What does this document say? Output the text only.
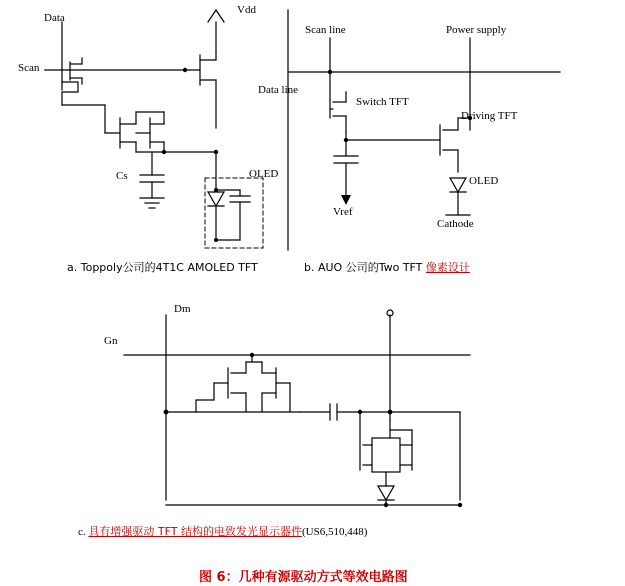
Data
Vdd
Scan
Cs	OLED
a. Toppoly公司的4T1C AMOLED TFT
Scan line	Power supply
Data line
Switch TFT
Driving TFT
OLED
Vref
Cathode
b. AUO 公司的Two TFT 像素设计
Dm
Gn
c. 具有增强驱动 TFT 结构的电致发光显示器件(US6,510,448)
图 6：几种有源驱动方式等效电路图
